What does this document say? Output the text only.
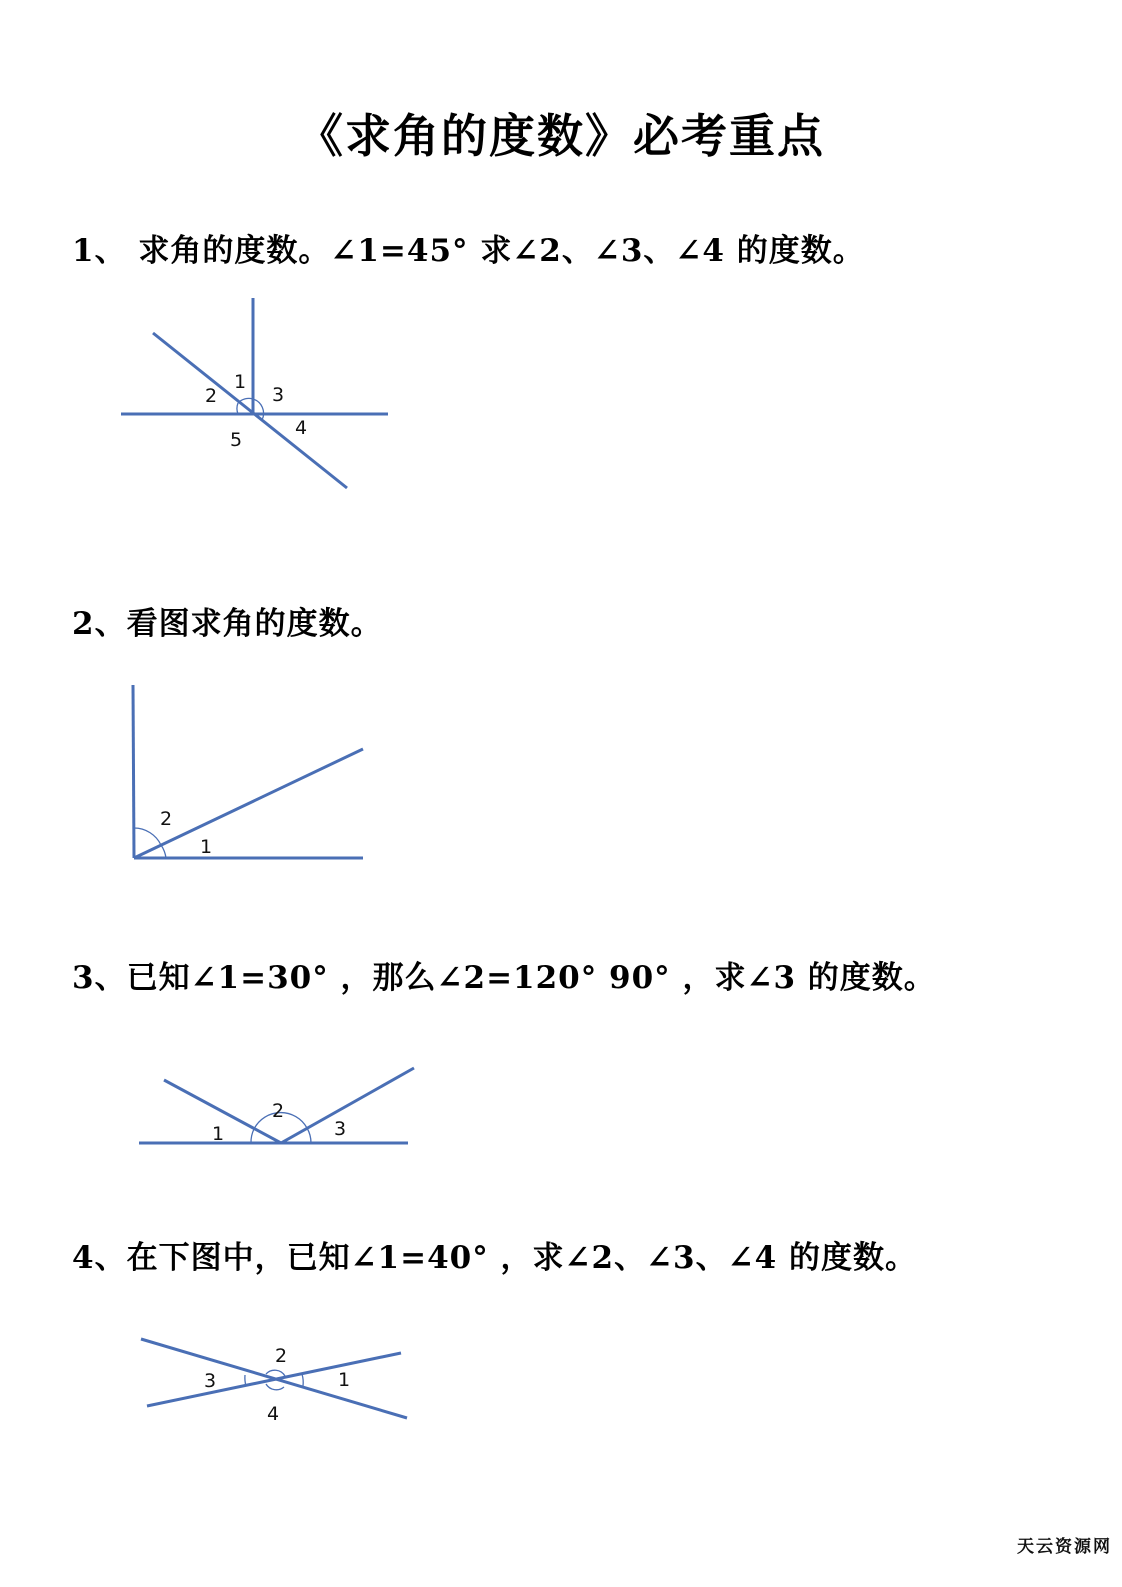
《求角的度数》必考重点
1、 求角的度数。∠1=45° 求∠2、∠3、∠4 的度数。
2、看图求角的度数。
3、已知∠1=30° ，那么∠2=120° 90° ，求∠3 的度数。
4、在下图中，已知∠1=40° ，求∠2、∠3、∠4 的度数。
1
2	3
4
5
2
1
1
2
3
2
3	1
4
天云资源网
